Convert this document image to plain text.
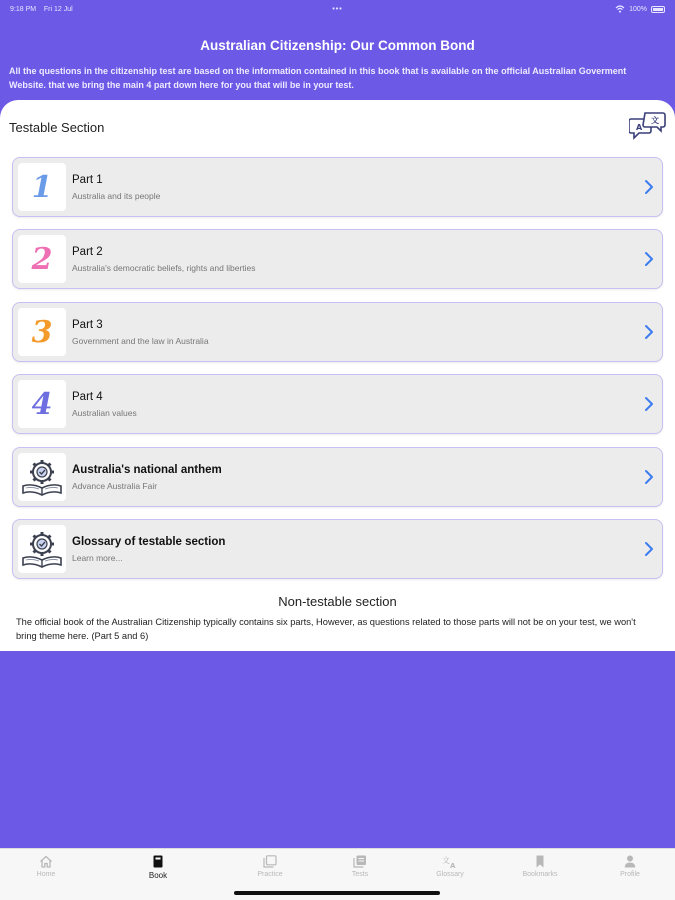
9:18 PM Fri 12 Jul	•••	100%
Australian Citizenship: Our Common Bond
All the questions in the citizenship test are based on the information contained in this book that is available on the official Australian Goverment Website. that we bring the main 4 part down here for you that will be in your test.
Testable Section	A
文
1 Part 1
Australia and its people
2 Part 2
Australia's democratic beliefs, rights and liberties
3 Part 3
Government and the law in Australia
4 Part 4
Australian values
Australia's national anthem
Advance Australia Fair
Glossary of testable section
Learn more...
Non-testable section
The official book of the Australian Citizenship typically contains six parts, However, as questions related to those parts will not be on your test, we won't bring theme here. (Part 5 and 6)
Home	Book	Practice	Tests
文
A
Glossary	Bookmarks	Profile
